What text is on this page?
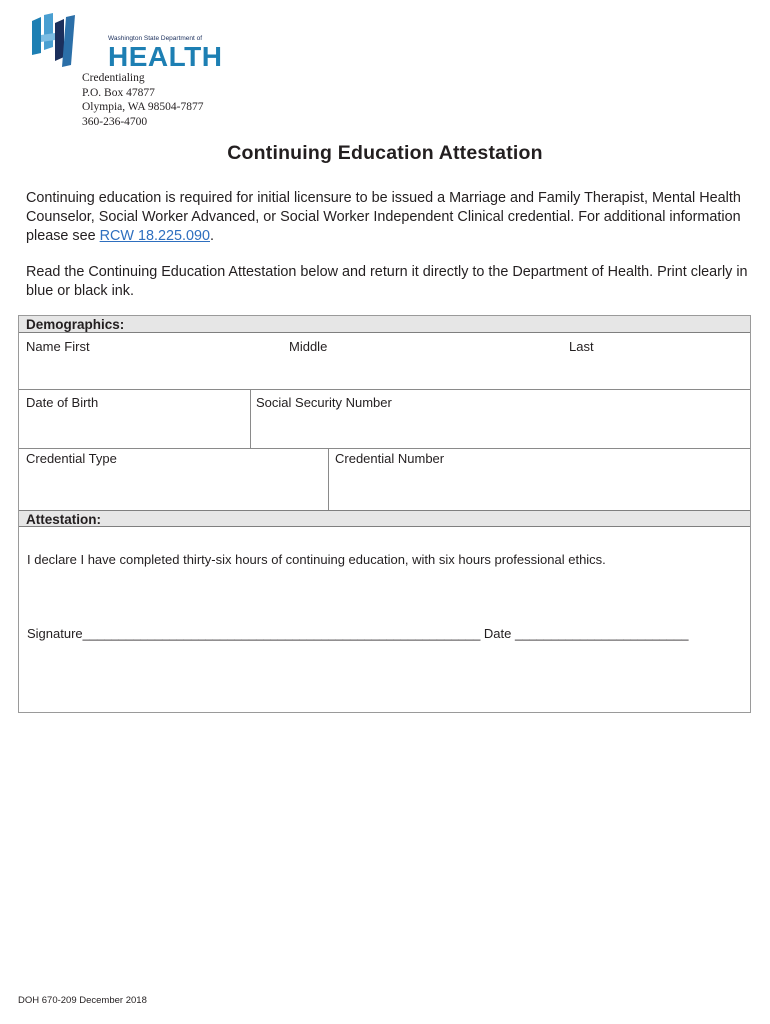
Washington State Department of
HEALTH
Credentialing
P.O. Box 47877
Olympia, WA 98504-7877
360-236-4700
Continuing Education Attestation

Continuing education is required for initial licensure to be issued a Marriage and Family Therapist, Mental Health Counselor, Social Worker Advanced, or Social Worker Independent Clinical credential. For additional information please see RCW 18.225.090.

Read the Continuing Education Attestation below and return it directly to the Department of Health. Print clearly in blue or black ink.

Demographics:
Name First	Middle	Last
Date of Birth	Social Security Number
Credential Type	Credential Number
Attestation:
I declare I have completed thirty-six hours of continuing education, with six hours professional ethics.
Signature_______________________________________________________ Date ________________________
DOH 670-209 December 2018
